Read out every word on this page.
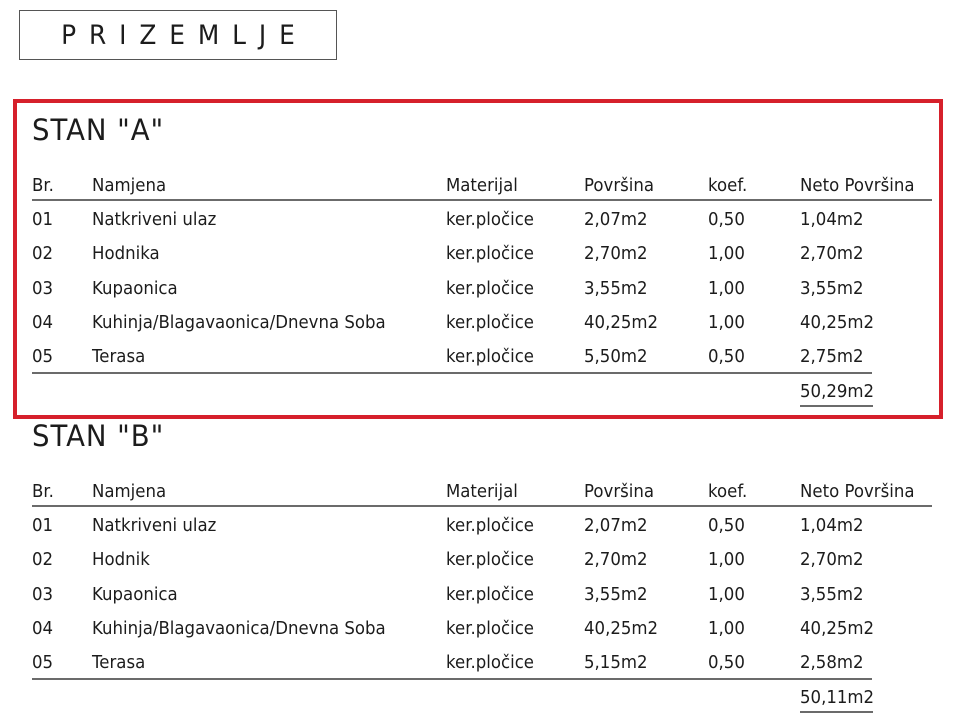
PRIZEMLJE
STAN "A"
Br. Namjena	Materijal	Površina	koef.	Neto Površina
01 Natkriveni ulaz	ker.pločice	2,07m2	0,50	1,04m2
02 Hodnika	ker.pločice	2,70m2	1,00	2,70m2
03 Kupaonica	ker.pločice	3,55m2	1,00	3,55m2
04 Kuhinja/Blagavaonica/Dnevna Soba	ker.pločice	40,25m2	1,00	40,25m2
05 Terasa	ker.pločice	5,50m2	0,50	2,75m2
50,29m2
STAN "B"
Br. Namjena	Materijal	Površina	koef.	Neto Površina
01 Natkriveni ulaz	ker.pločice	2,07m2	0,50	1,04m2
02 Hodnik	ker.pločice	2,70m2	1,00	2,70m2
03 Kupaonica	ker.pločice	3,55m2	1,00	3,55m2
04 Kuhinja/Blagavaonica/Dnevna Soba	ker.pločice	40,25m2	1,00	40,25m2
05 Terasa	ker.pločice	5,15m2	0,50	2,58m2
50,11m2
